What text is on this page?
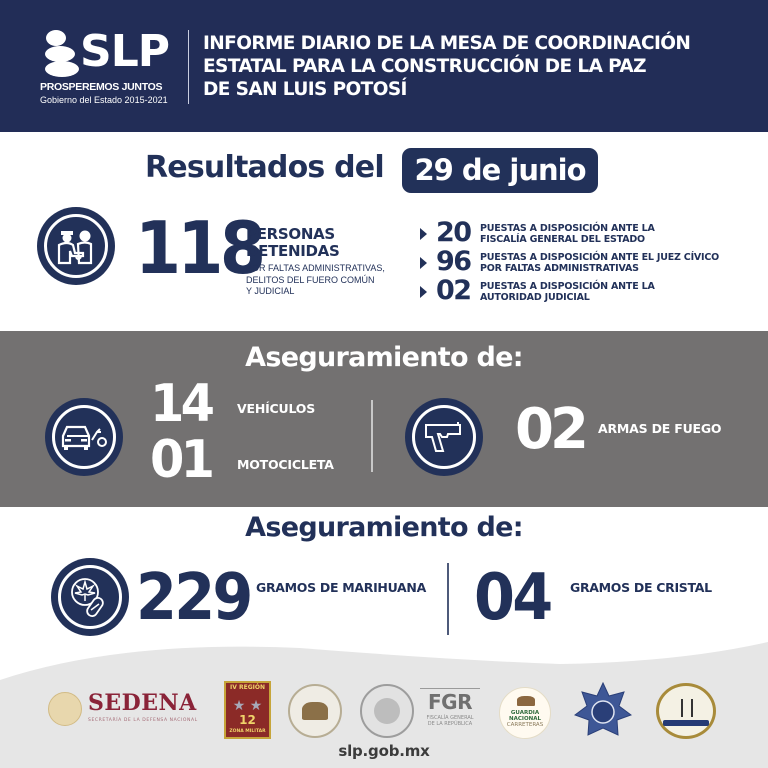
SLP
PROSPEREMOS JUNTOS
Gobierno del Estado 2015-2021
INFORME DIARIO DE LA MESA DE COORDINACIÓN
ESTATAL PARA LA CONSTRUCCIÓN DE LA PAZ
DE SAN LUIS POTOSÍ
Resultados del	29 de junio
118
PERSONAS
DETENIDAS
POR FALTAS ADMINISTRATIVAS,
DELITOS DEL FUERO COMÚN
Y JUDICIAL
20 PUESTAS A DISPOSICIÓN ANTE LA
FISCALÍA GENERAL DEL ESTADO
96 PUESTAS A DISPOSICIÓN ANTE EL JUEZ CÍVICO
POR FALTAS ADMINISTRATIVAS
02 PUESTAS A DISPOSICIÓN ANTE LA
AUTORIDAD JUDICIAL
Aseguramiento de:
14 VEHÍCULOS
01 MOTOCICLETA
02 ARMAS DE FUEGO
Aseguramiento de:
229 GRAMOS DE MARIHUANA 04 GRAMOS DE CRISTAL
SEDENA
SECRETARÍA DE LA DEFENSA NACIONAL
IV REGIÓN
★ ★
12
ZONA MILITAR
FGR
FISCALÍA GENERAL
DE LA REPÚBLICA
GUARDIA
NACIONAL
CARRETERAS
slp.gob.mx
